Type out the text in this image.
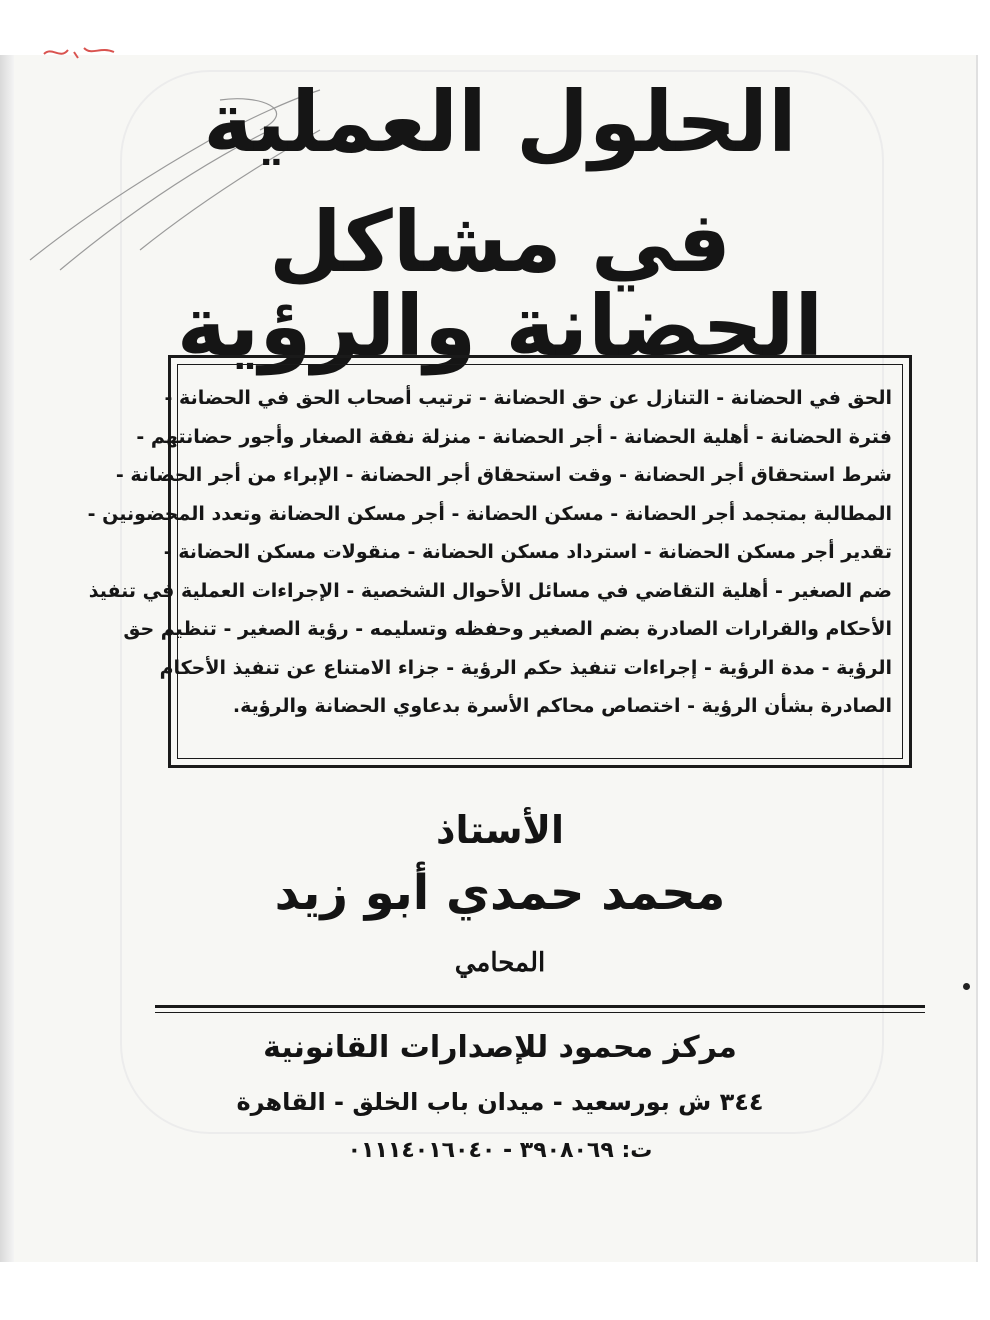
الحلول العملية
في مشاكل الحضانة والرؤية
الحق في الحضانة - التنازل عن حق الحضانة - ترتيب أصحاب الحق في الحضانة -
فترة الحضانة - أهلية الحضانة - أجر الحضانة - منزلة نفقة الصغار وأجور حضانتهم -
شرط استحقاق أجر الحضانة - وقت استحقاق أجر الحضانة - الإبراء من أجر الحضانة -
المطالبة بمتجمد أجر الحضانة - مسكن الحضانة - أجر مسكن الحضانة وتعدد المحضونين -
تقدير أجر مسكن الحضانة - استرداد مسكن الحضانة - منقولات مسكن الحضانة -
ضم الصغير - أهلية التقاضي في مسائل الأحوال الشخصية - الإجراءات العملية في تنفيذ
الأحكام والقرارات الصادرة بضم الصغير وحفظه وتسليمه - رؤية الصغير - تنظيم حق
الرؤية - مدة الرؤية - إجراءات تنفيذ حكم الرؤية - جزاء الامتناع عن تنفيذ الأحكام
الصادرة بشأن الرؤية - اختصاص محاكم الأسرة بدعاوي الحضانة والرؤية.
الأستاذ
محمد حمدي أبو زيد
المحامي
مركز محمود للإصدارات القانونية
٣٤٤ ش بورسعيد - ميدان باب الخلق - القاهرة
ت: ٣٩٠٨٠٦٩ - ٠١١١٤٠١٦٠٤٠
